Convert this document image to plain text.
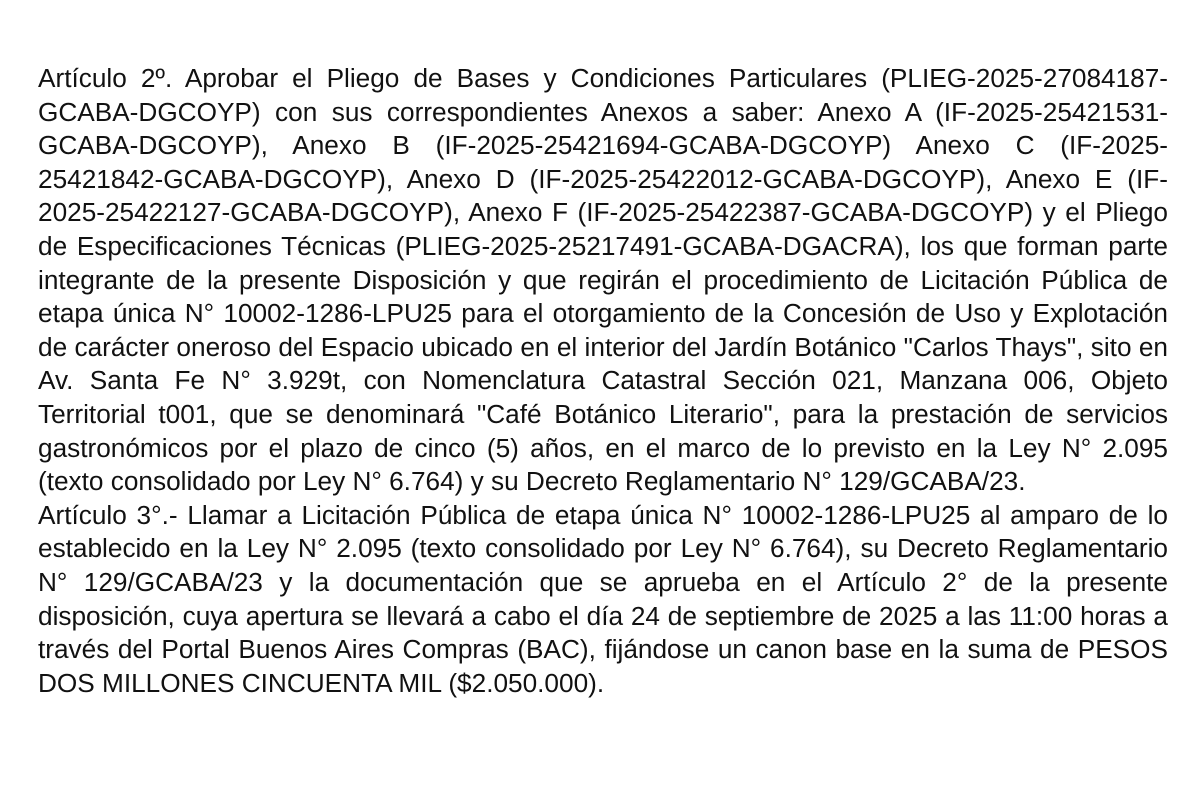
Artículo 2º. Aprobar el Pliego de Bases y Condiciones Particulares (PLIEG-2025-27084187-GCABA-DGCOYP) con sus correspondientes Anexos a saber: Anexo A (IF-2025-25421531-GCABA-DGCOYP), Anexo B (IF-2025-25421694-GCABA-DGCOYP) Anexo C (IF-2025-25421842-GCABA-DGCOYP), Anexo D (IF-2025-25422012-GCABA-DGCOYP), Anexo E (IF-2025-25422127-GCABA-DGCOYP), Anexo F (IF-2025-25422387-GCABA-DGCOYP) y el Pliego de Especificaciones Técnicas (PLIEG-2025-25217491-GCABA-DGACRA), los que forman parte integrante de la presente Disposición y que regirán el procedimiento de Licitación Pública de etapa única N° 10002-1286-LPU25 para el otorgamiento de la Concesión de Uso y Explotación de carácter oneroso del Espacio ubicado en el interior del Jardín Botánico "Carlos Thays", sito en Av. Santa Fe N° 3.929t, con Nomenclatura Catastral Sección 021, Manzana 006, Objeto Territorial t001, que se denominará "Café Botánico Literario", para la prestación de servicios gastronómicos por el plazo de cinco (5) años, en el marco de lo previsto en la Ley N° 2.095 (texto consolidado por Ley N° 6.764) y su Decreto Reglamentario N° 129/GCABA/23.

Artículo 3°.- Llamar a Licitación Pública de etapa única N° 10002-1286-LPU25 al amparo de lo establecido en la Ley N° 2.095 (texto consolidado por Ley N° 6.764), su Decreto Reglamentario N° 129/GCABA/23 y la documentación que se aprueba en el Artículo 2° de la presente disposición, cuya apertura se llevará a cabo el día 24 de septiembre de 2025 a las 11:00 horas a través del Portal Buenos Aires Compras (BAC), fijándose un canon base en la suma de PESOS DOS MILLONES CINCUENTA MIL ($2.050.000).
